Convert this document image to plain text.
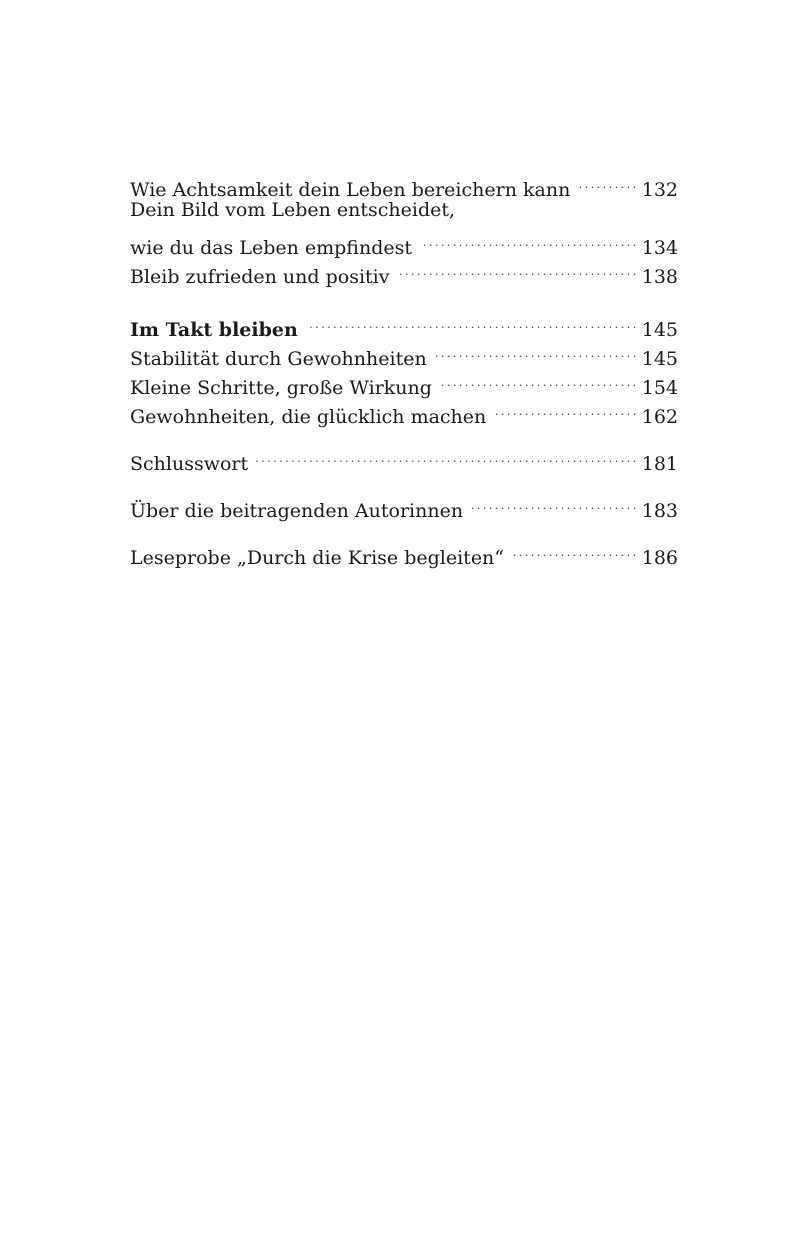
Wie Achtsamkeit dein Leben bereichern kann . . .	132
Dein Bild vom Leben entscheidet,
wie du das Leben empfindest . . .	134
Bleib zufrieden und positiv . . .	138
Im Takt bleiben . . .	145
Stabilität durch Gewohnheiten . . .	145
Kleine Schritte, große Wirkung . . .	154
Gewohnheiten, die glücklich machen . . .	162
Schlusswort . . .	181
Über die beitragenden Autorinnen . . .	183
Leseprobe „Durch die Krise begleiten“ . . .	186
